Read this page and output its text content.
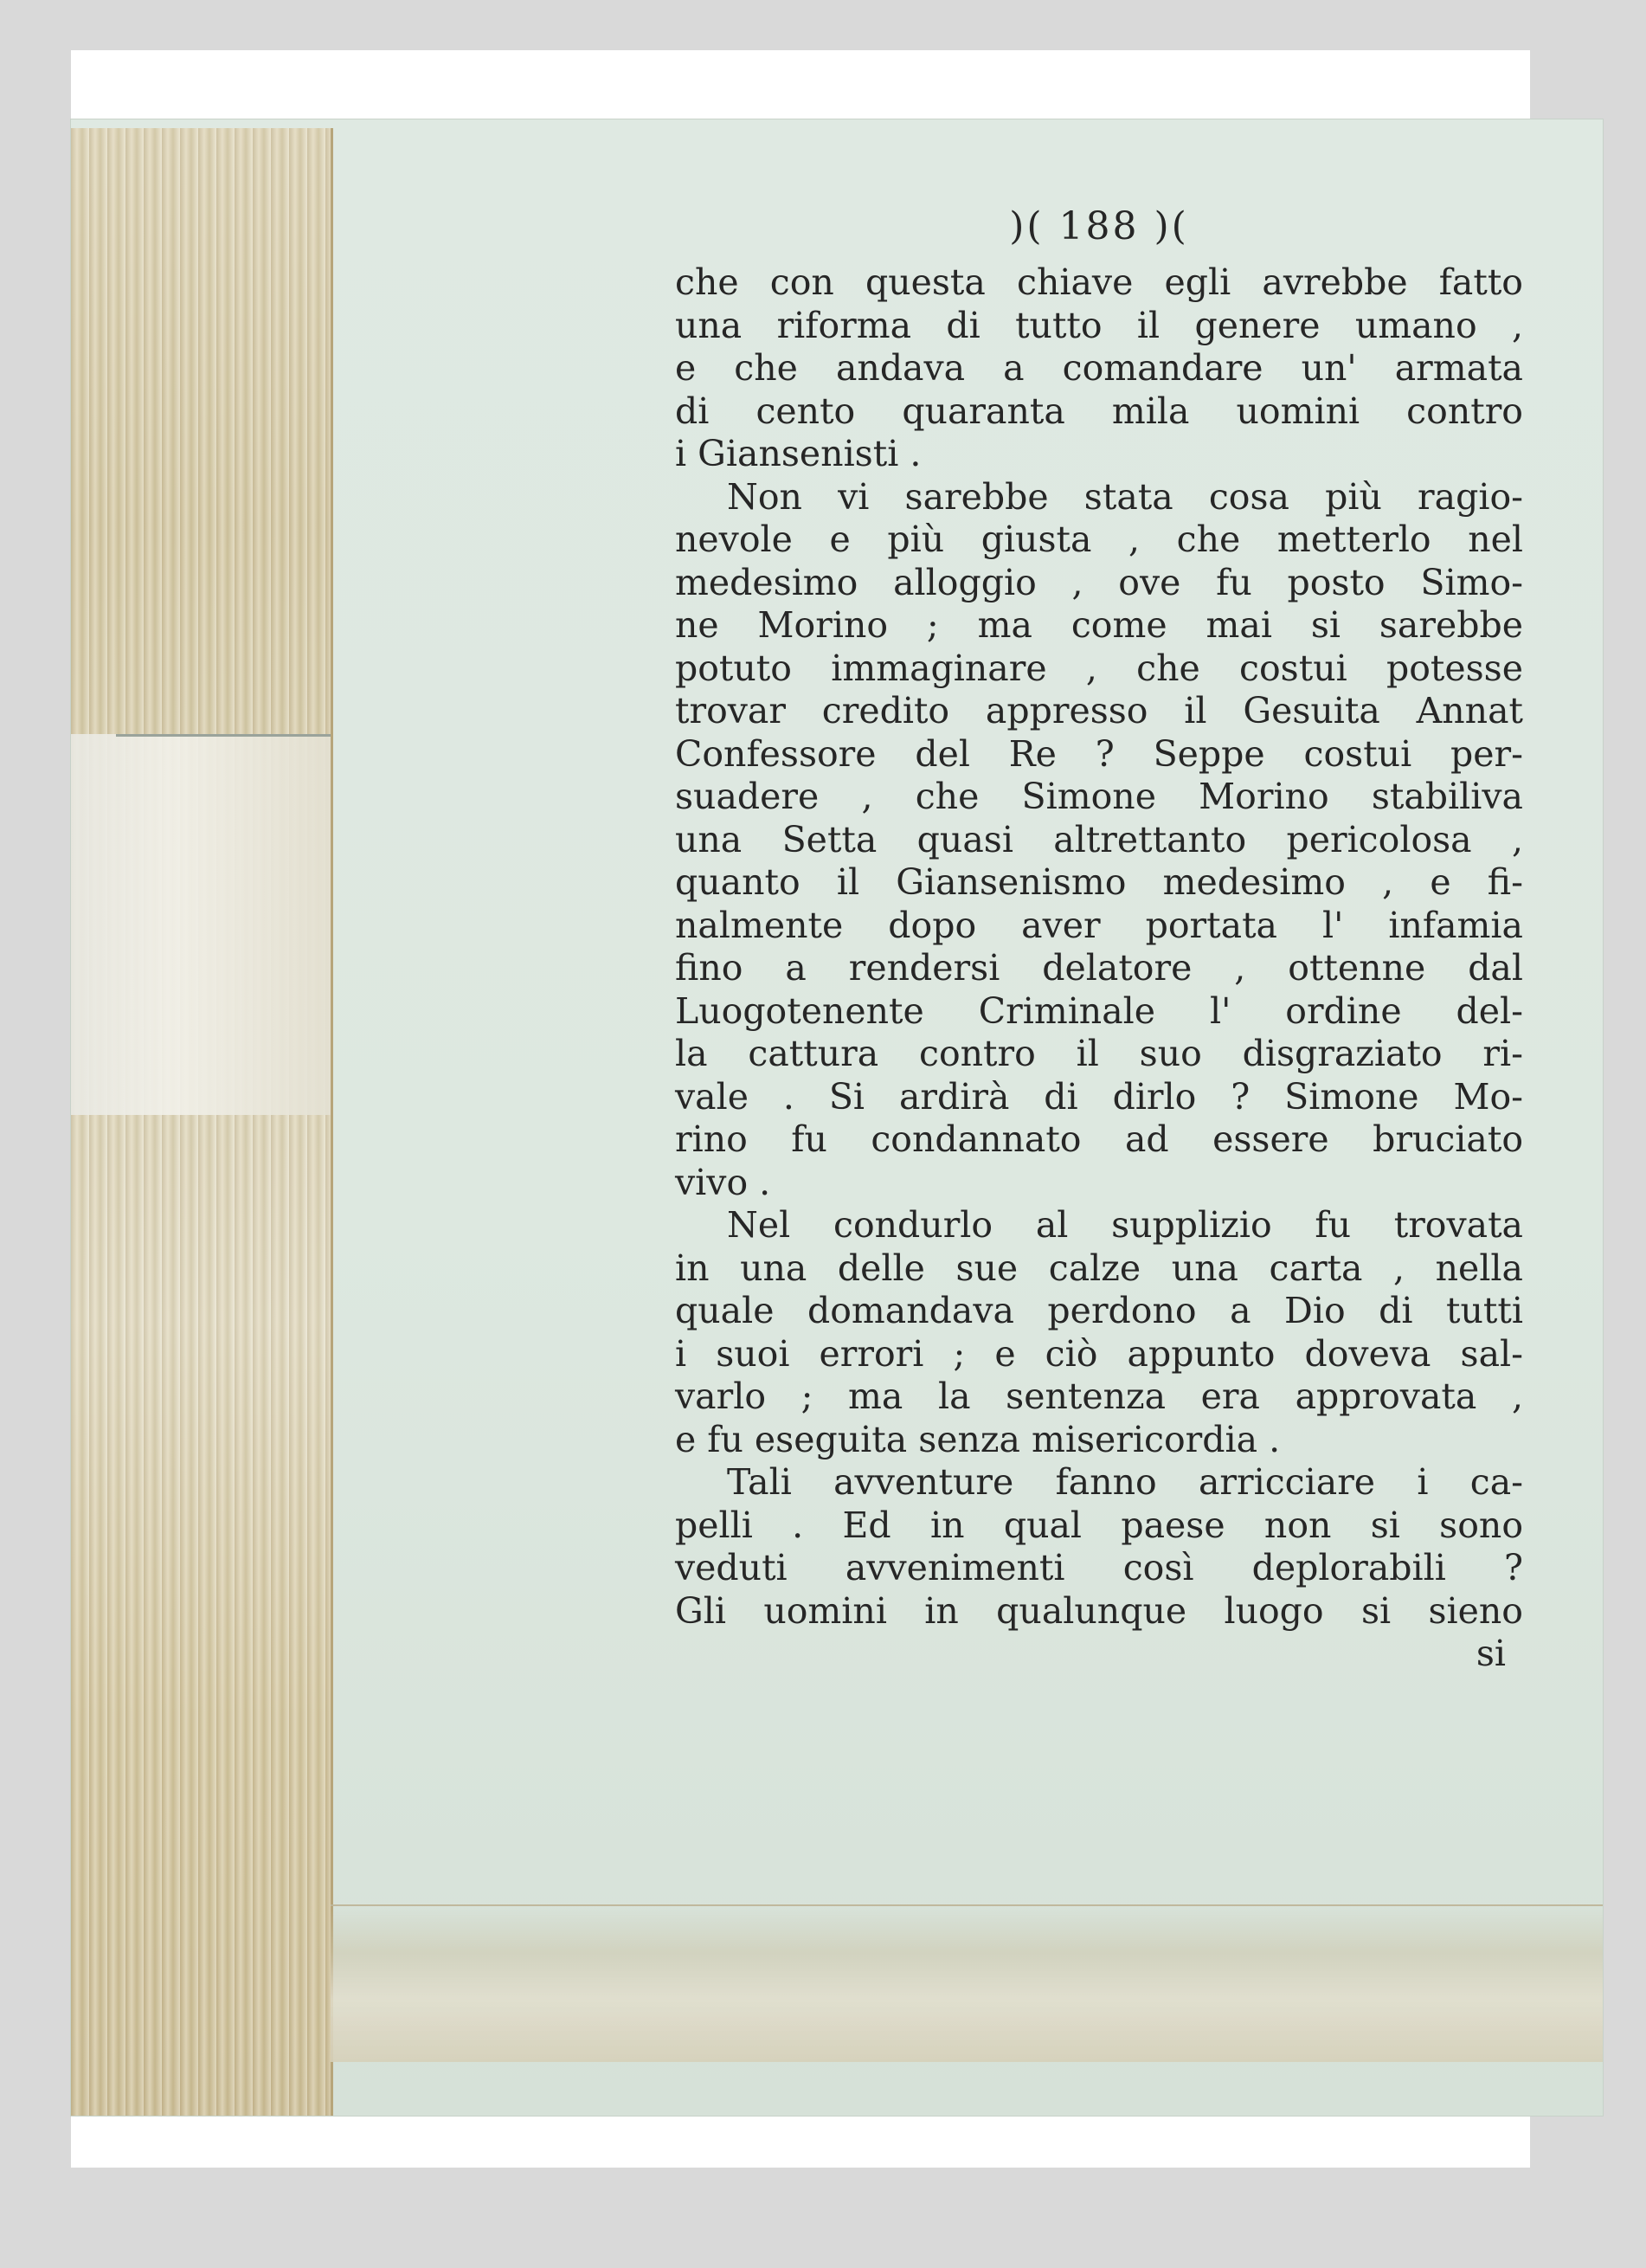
)( 188 )(
che con questa chiave egli avrebbe fatto
una riforma di tutto il genere umano ,
e che andava a comandare un' armata
di cento quaranta mila uomini contro
i Giansenisti .
Non vi sarebbe stata cosa più ragio-
nevole e più giusta , che metterlo nel
medesimo alloggio , ove fu posto Simo-
ne Morino ; ma come mai si sarebbe
potuto immaginare , che costui potesse
trovar credito appresso il Gesuita Annat
Confessore del Re ? Seppe costui per-
suadere , che Simone Morino stabiliva
una Setta quasi altrettanto pericolosa ,
quanto il Giansenismo medesimo , e fi-
nalmente dopo aver portata l' infamia
fino a rendersi delatore , ottenne dal
Luogotenente Criminale l' ordine del-
la cattura contro il suo disgraziato ri-
vale . Si ardirà di dirlo ? Simone Mo-
rino fu condannato ad essere bruciato
vivo .
Nel condurlo al supplizio fu trovata
in una delle sue calze una carta , nella
quale domandava perdono a Dio di tutti
i suoi errori ; e ciò appunto doveva sal-
varlo ; ma la sentenza era approvata ,
e fu eseguita senza misericordia .
Tali avventure fanno arricciare i ca-
pelli . Ed in qual paese non si sono
veduti avvenimenti così deplorabili ?
Gli uomini in qualunque luogo si sieno
si
